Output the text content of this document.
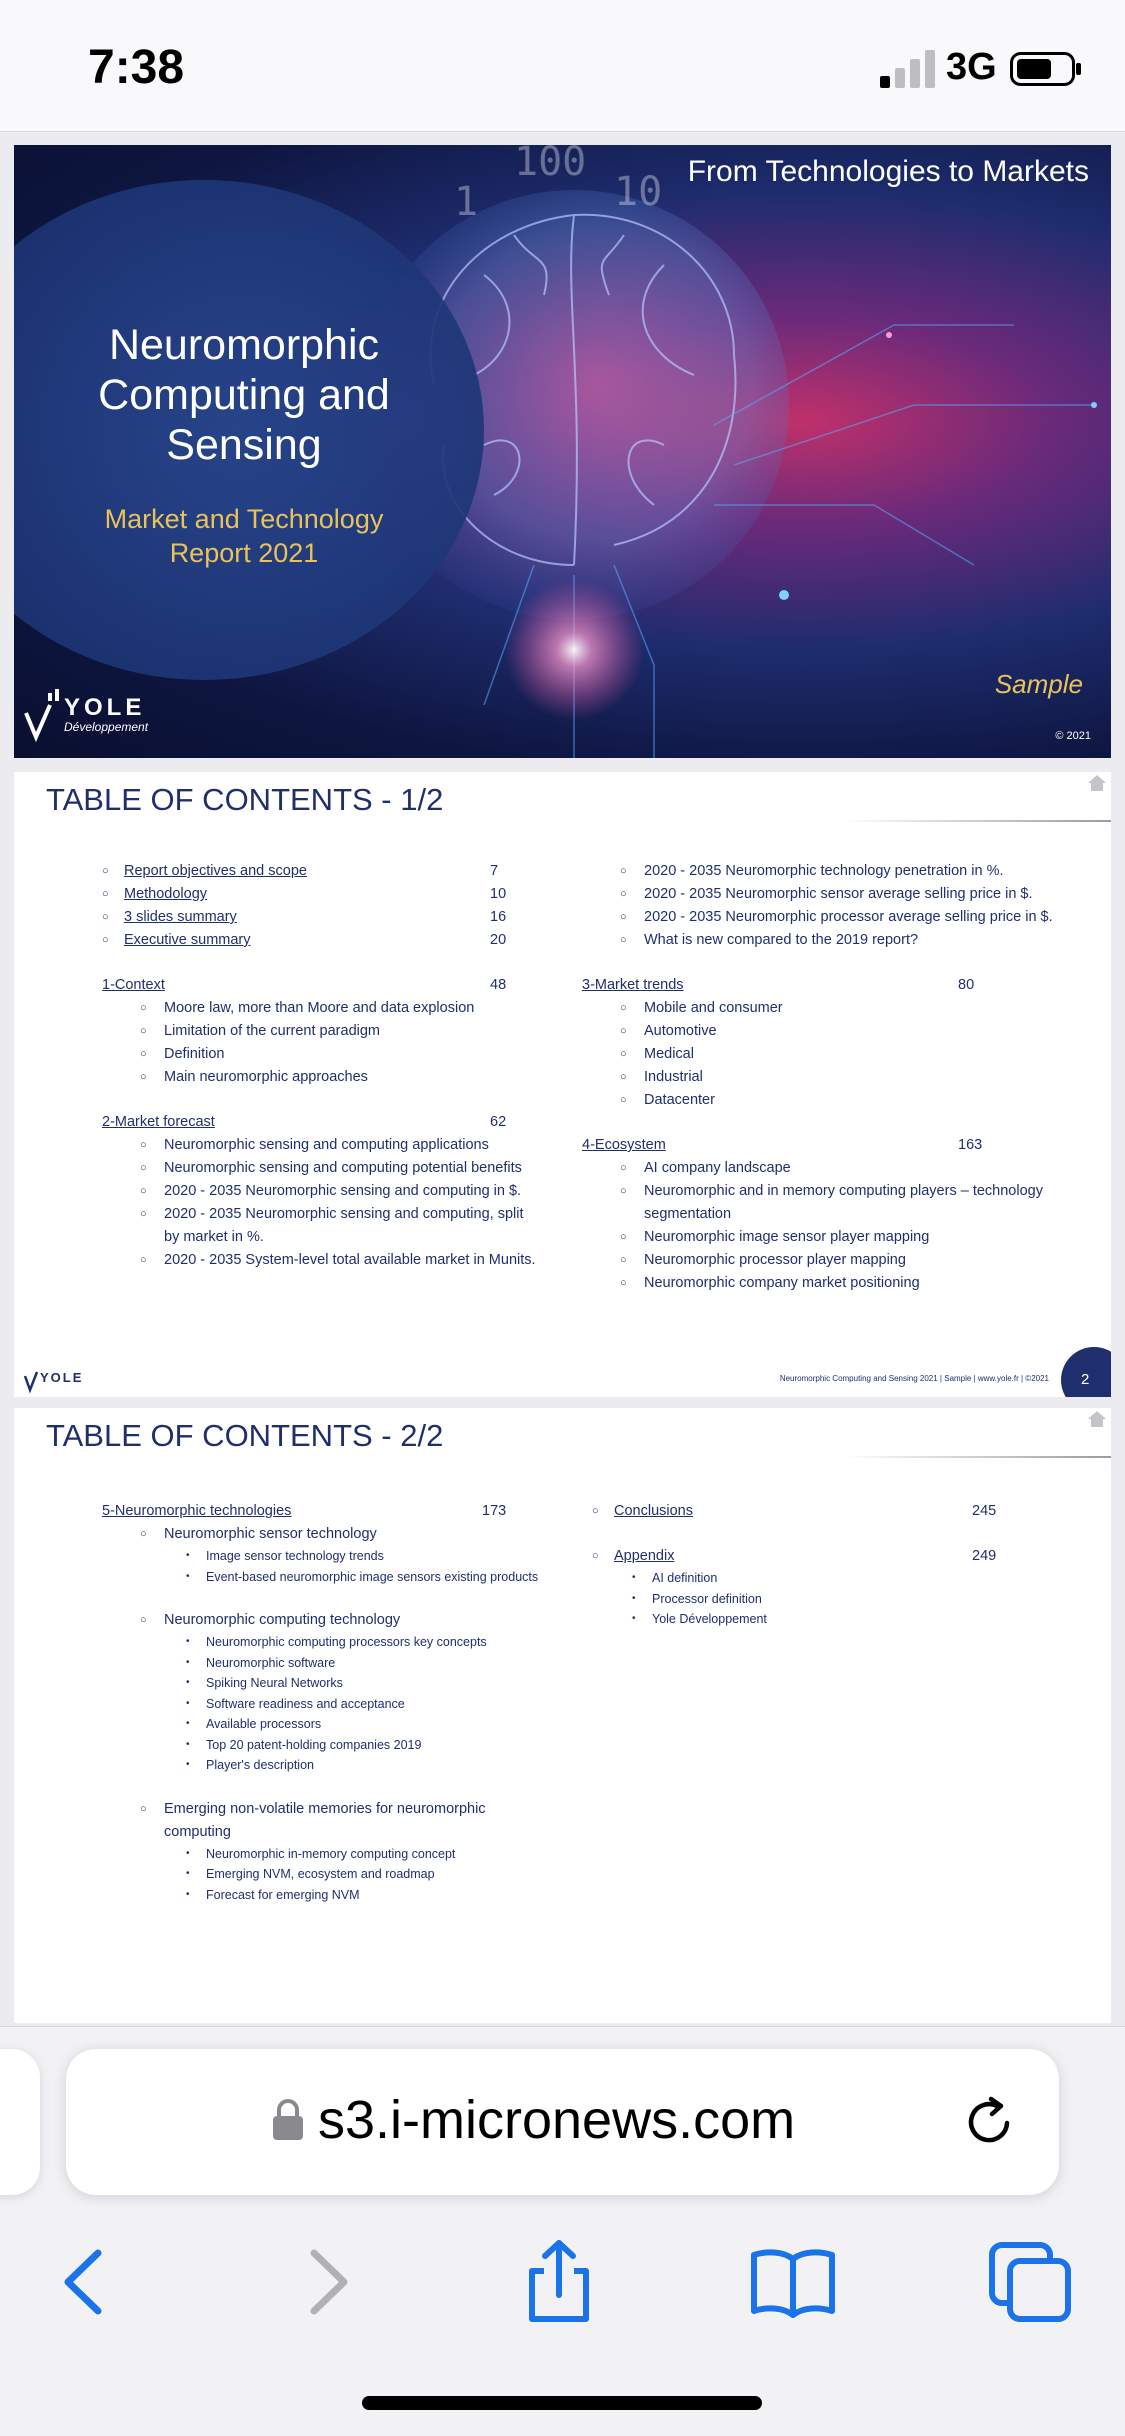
7:38	3G
100
10
1
From Technologies to Markets
Neuromorphic
Computing and
Sensing
Market and Technology
Report 2021
Sample
© 2021
YOLE
Développement
TABLE OF CONTENTS - 1/2
○ Report objectives and scope	7
○ Methodology	10
○ 3 slides summary	16
○ Executive summary	20
1-Context	48
○ Moore law, more than Moore and data explosion
○ Limitation of the current paradigm
○ Definition
○ Main neuromorphic approaches
2-Market forecast	62
○ Neuromorphic sensing and computing applications
○ Neuromorphic sensing and computing potential benefits
○ 2020 - 2035 Neuromorphic sensing and computing in $.
○ 2020 - 2035 Neuromorphic sensing and computing, split
by market in %.
○ 2020 - 2035 System-level total available market in Munits.
○ 2020 - 2035 Neuromorphic technology penetration in %.
○ 2020 - 2035 Neuromorphic sensor average selling price in $.
○ 2020 - 2035 Neuromorphic processor average selling price in $.
○ What is new compared to the 2019 report?
3-Market trends	80
○ Mobile and consumer
○ Automotive
○ Medical
○ Industrial
○ Datacenter
4-Ecosystem	163
○ AI company landscape
○ Neuromorphic and in memory computing players – technology
segmentation
○ Neuromorphic image sensor player mapping
○ Neuromorphic processor player mapping
○ Neuromorphic company market positioning
YOLE	Neuromorphic Computing and Sensing 2021 | Sample | www.yole.fr | ©2021 2
TABLE OF CONTENTS - 2/2
5-Neuromorphic technologies	173
○ Neuromorphic sensor technology
• Image sensor technology trends
• Event-based neuromorphic image sensors existing products
○ Neuromorphic computing technology
• Neuromorphic computing processors key concepts
• Neuromorphic software
• Spiking Neural Networks
• Software readiness and acceptance
• Available processors
• Top 20 patent-holding companies 2019
• Player's description
○ Emerging non-volatile memories for neuromorphic
computing
• Neuromorphic in-memory computing concept
• Emerging NVM, ecosystem and roadmap
• Forecast for emerging NVM
○ Conclusions	245
○ Appendix	249
• AI definition
• Processor definition
• Yole Développement
s3.i-micronews.com
